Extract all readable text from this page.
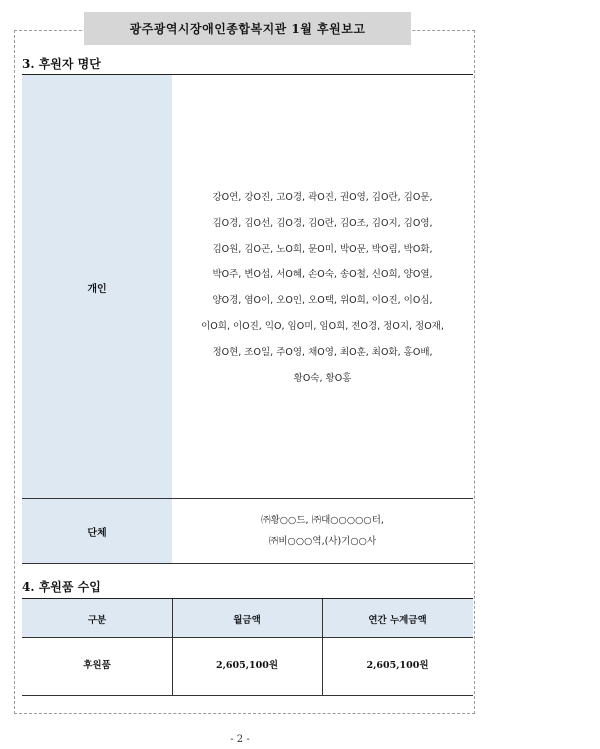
광주광역시장애인종합복지관 1월 후원보고
3. 후원자 명단
개인
강O연, 강O진, 고O경, 곽O진, 권O영, 김O란, 김O문,
김O경, 김O선, 김O경, 김O란, 김O조, 김O지, 김O영,
김O원, 김O곤, 노O희, 문O미, 박O문, 박O림, 박O화,
박O주, 변O섭, 서O혜, 손O숙, 송O철, 신O희, 양O열,
양O경, 염O이, 오O인, 오O택, 위O희, 이O진, 이O심,
이O희, 이O진, 익O, 임O미, 임O희, 전O경, 정O지, 정O재,
정O현, 조O일, 주O영, 채O영, 최O훈, 최O화, 홍O배,
황O숙, 황O홍
단체
㈜황○○드, ㈜대○○○○○터,
㈜비○○○역,(사)기○○사
4. 후원품 수입
구분	월금액	연간 누계금액
후원품	2,605,100원	2,605,100원
- 2 -
